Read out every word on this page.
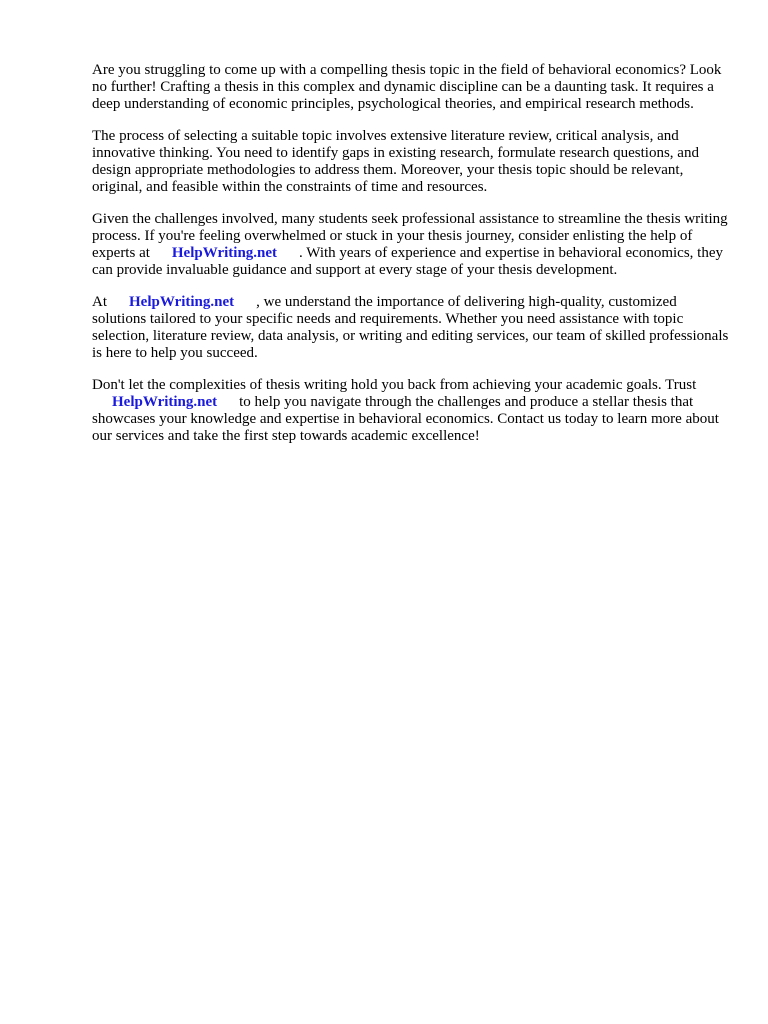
Are you struggling to come up with a compelling thesis topic in the field of behavioral economics? Look no further! Crafting a thesis in this complex and dynamic discipline can be a daunting task. It requires a deep understanding of economic principles, psychological theories, and empirical research methods.

The process of selecting a suitable topic involves extensive literature review, critical analysis, and innovative thinking. You need to identify gaps in existing research, formulate research questions, and design appropriate methodologies to address them. Moreover, your thesis topic should be relevant, original, and feasible within the constraints of time and resources.

Given the challenges involved, many students seek professional assistance to streamline the thesis writing process. If you're feeling overwhelmed or stuck in your thesis journey, consider enlisting the help of experts at HelpWriting.net . With years of experience and expertise in behavioral economics, they can provide invaluable guidance and support at every stage of your thesis development.

At HelpWriting.net , we understand the importance of delivering high-quality, customized solutions tailored to your specific needs and requirements. Whether you need assistance with topic selection, literature review, data analysis, or writing and editing services, our team of skilled professionals is here to help you succeed.

Don't let the complexities of thesis writing hold you back from achieving your academic goals. Trust
HelpWriting.net to help you navigate through the challenges and produce a stellar thesis that showcases your knowledge and expertise in behavioral economics. Contact us today to learn more about our services and take the first step towards academic excellence!
